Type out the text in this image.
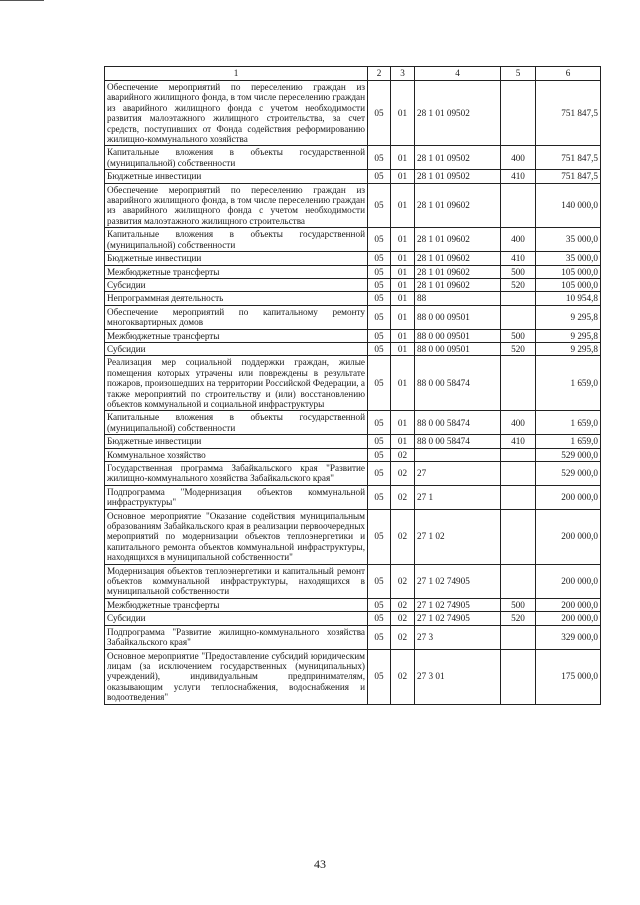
1	2	3	4	5	6
Обеспечение мероприятий по переселению граждан из аварийного жилищного фонда, в том числе переселению граждан из аварийного жилищного фонда с учетом необходимости развития малоэтажного жилищного строительства, за счет средств, поступивших от Фонда содействия реформированию жилищно-коммунального хозяйства	05	01	28 1 01 09502		751 847,5
Капитальные вложения в объекты государственной (муниципальной) собственности	05	01	28 1 01 09502	400	751 847,5
Бюджетные инвестиции	05	01	28 1 01 09502	410	751 847,5
Обеспечение мероприятий по переселению граждан из аварийного жилищного фонда, в том числе переселению граждан из аварийного жилищного фонда с учетом необходимости развития малоэтажного жилищного строительства	05	01	28 1 01 09602		140 000,0
Капитальные вложения в объекты государственной (муниципальной) собственности	05	01	28 1 01 09602	400	35 000,0
Бюджетные инвестиции	05	01	28 1 01 09602	410	35 000,0
Межбюджетные трансферты	05	01	28 1 01 09602	500	105 000,0
Субсидии	05	01	28 1 01 09602	520	105 000,0
Непрограммная деятельность	05	01	88		10 954,8
Обеспечение мероприятий по капитальному ремонту многоквартирных домов	05	01	88 0 00 09501		9 295,8
Межбюджетные трансферты	05	01	88 0 00 09501	500	9 295,8
Субсидии	05	01	88 0 00 09501	520	9 295,8
Реализация мер социальной поддержки граждан, жилые помещения которых утрачены или повреждены в результате пожаров, произошедших на территории Российской Федерации, а также мероприятий по строительству и (или) восстановлению объектов коммунальной и социальной инфраструктуры	05	01	88 0 00 58474		1 659,0
Капитальные вложения в объекты государственной (муниципальной) собственности	05	01	88 0 00 58474	400	1 659,0
Бюджетные инвестиции	05	01	88 0 00 58474	410	1 659,0
Коммунальное хозяйство	05	02			529 000,0
Государственная программа Забайкальского края "Развитие жилищно-коммунального хозяйства Забайкальского края"	05	02	27		529 000,0
Подпрограмма "Модернизация объектов коммунальной инфраструктуры"	05	02	27 1		200 000,0
Основное мероприятие "Оказание содействия муниципальным образованиям Забайкальского края в реализации первоочередных мероприятий по модернизации объектов теплоэнергетики и капитального ремонта объектов коммунальной инфраструктуры, находящихся в муниципальной собственности"	05	02	27 1 02		200 000,0
Модернизация объектов теплоэнергетики и капитальный ремонт объектов коммунальной инфраструктуры, находящихся в муниципальной собственности	05	02	27 1 02 74905		200 000,0
Межбюджетные трансферты	05	02	27 1 02 74905	500	200 000,0
Субсидии	05	02	27 1 02 74905	520	200 000,0
Подпрограмма "Развитие жилищно-коммунального хозяйства Забайкальского края"	05	02	27 3		329 000,0
Основное мероприятие "Предоставление субсидий юридическим лицам (за исключением государственных (муниципальных) учреждений), индивидуальным предпринимателям, оказывающим услуги теплоснабжения, водоснабжения и водоотведения"	05	02	27 3 01		175 000,0
43
